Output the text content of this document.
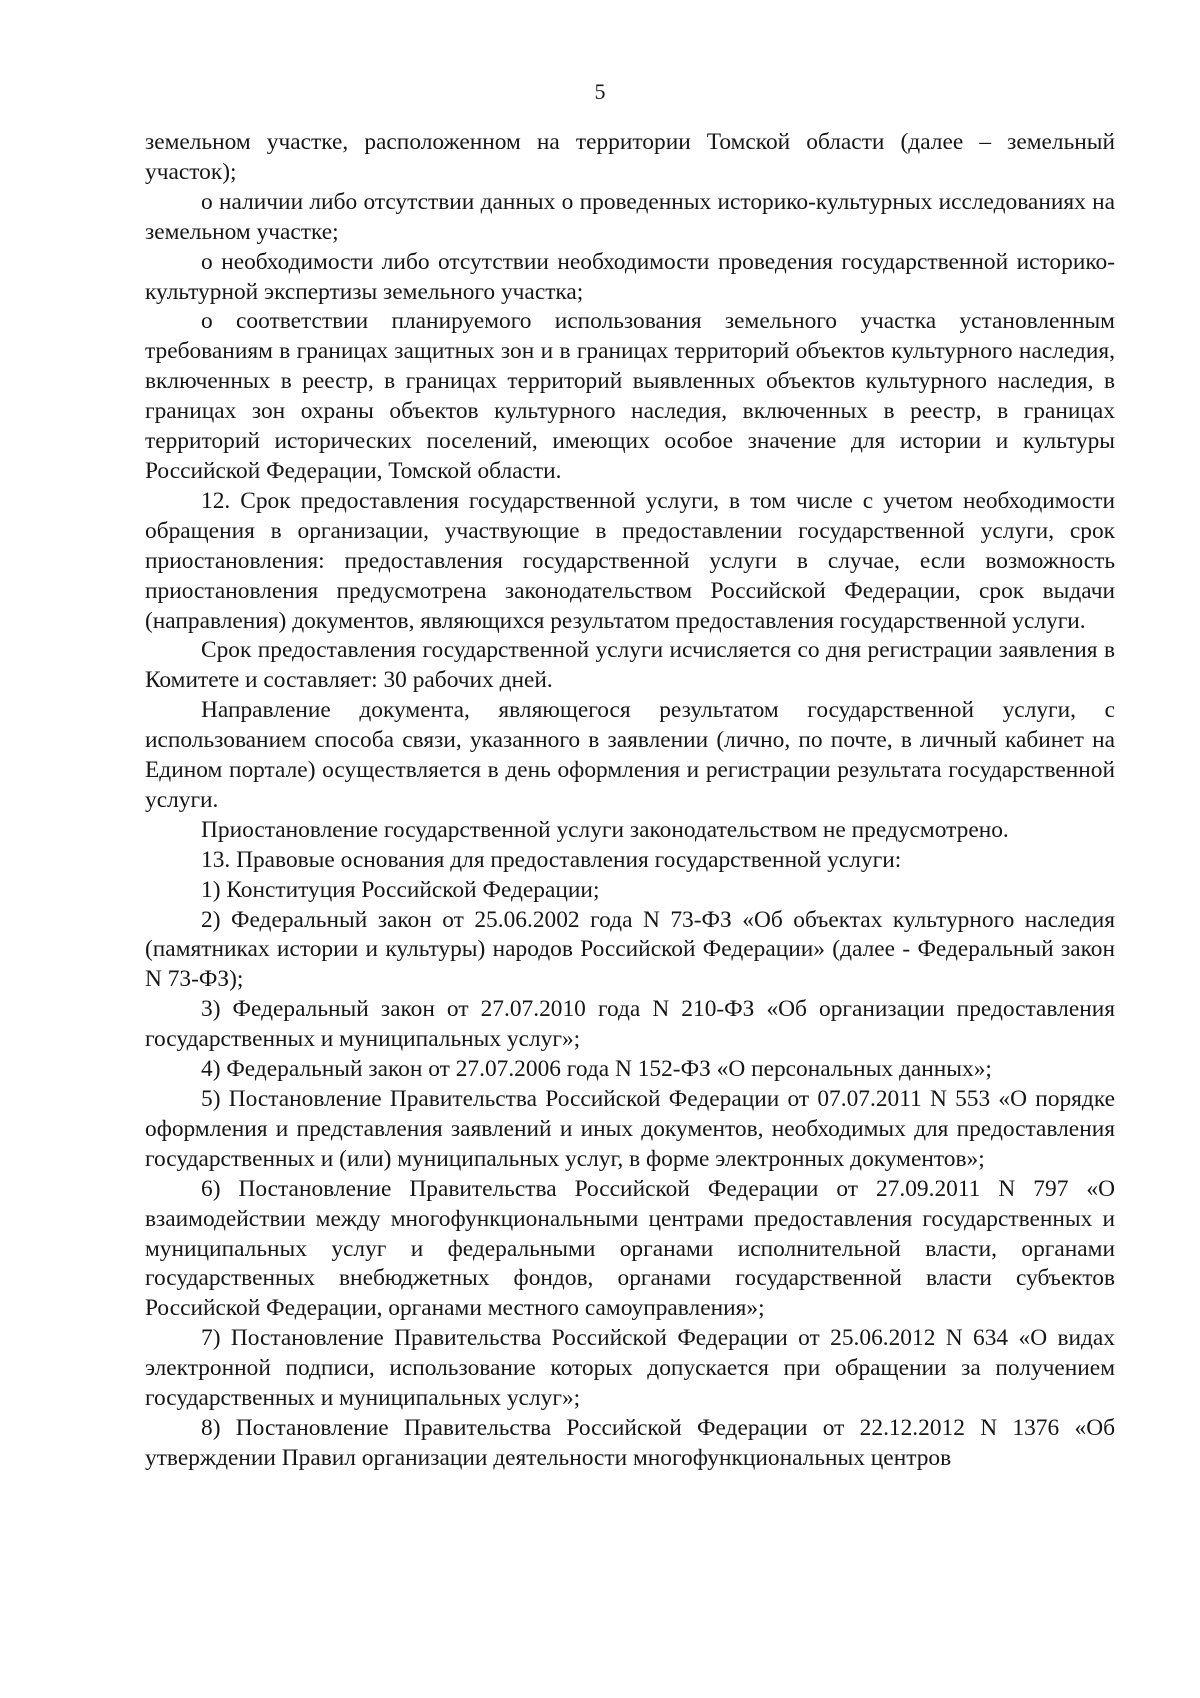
5

земельном участке, расположенном на территории Томской области (далее – земельный участок);

о наличии либо отсутствии данных о проведенных историко-культурных исследованиях на земельном участке;

о необходимости либо отсутствии необходимости проведения государственной историко-культурной экспертизы земельного участка;

о соответствии планируемого использования земельного участка установленным требованиям в границах защитных зон и в границах территорий объектов культурного наследия, включенных в реестр, в границах территорий выявленных объектов культурного наследия, в границах зон охраны объектов культурного наследия, включенных в реестр, в границах территорий исторических поселений, имеющих особое значение для истории и культуры Российской Федерации, Томской области.

12. Срок предоставления государственной услуги, в том числе с учетом необходимости обращения в организации, участвующие в предоставлении государственной услуги, срок приостановления: предоставления государственной услуги в случае, если возможность приостановления предусмотрена законодательством Российской Федерации, срок выдачи (направления) документов, являющихся результатом предоставления государственной услуги.

Срок предоставления государственной услуги исчисляется со дня регистрации заявления в Комитете и составляет: 30 рабочих дней.

Направление документа, являющегося результатом государственной услуги, с использованием способа связи, указанного в заявлении (лично, по почте, в личный кабинет на Едином портале) осуществляется в день оформления и регистрации результата государственной услуги.

Приостановление государственной услуги законодательством не предусмотрено.

13. Правовые основания для предоставления государственной услуги:

1) Конституция Российской Федерации;

2) Федеральный закон от 25.06.2002 года N 73-ФЗ «Об объектах культурного наследия (памятниках истории и культуры) народов Российской Федерации» (далее - Федеральный закон N 73-ФЗ);

3) Федеральный закон от 27.07.2010 года N 210-ФЗ «Об организации предоставления государственных и муниципальных услуг»;

4) Федеральный закон от 27.07.2006 года N 152-ФЗ «О персональных данных»;

5) Постановление Правительства Российской Федерации от 07.07.2011 N 553 «О порядке оформления и представления заявлений и иных документов, необходимых для предоставления государственных и (или) муниципальных услуг, в форме электронных документов»;

6) Постановление Правительства Российской Федерации от 27.09.2011 N 797 «О взаимодействии между многофункциональными центрами предоставления государственных и муниципальных услуг и федеральными органами исполнительной власти, органами государственных внебюджетных фондов, органами государственной власти субъектов Российской Федерации, органами местного самоуправления»;

7) Постановление Правительства Российской Федерации от 25.06.2012 N 634 «О видах электронной подписи, использование которых допускается при обращении за получением государственных и муниципальных услуг»;

8) Постановление Правительства Российской Федерации от 22.12.2012 N 1376 «Об утверждении Правил организации деятельности многофункциональных центров
